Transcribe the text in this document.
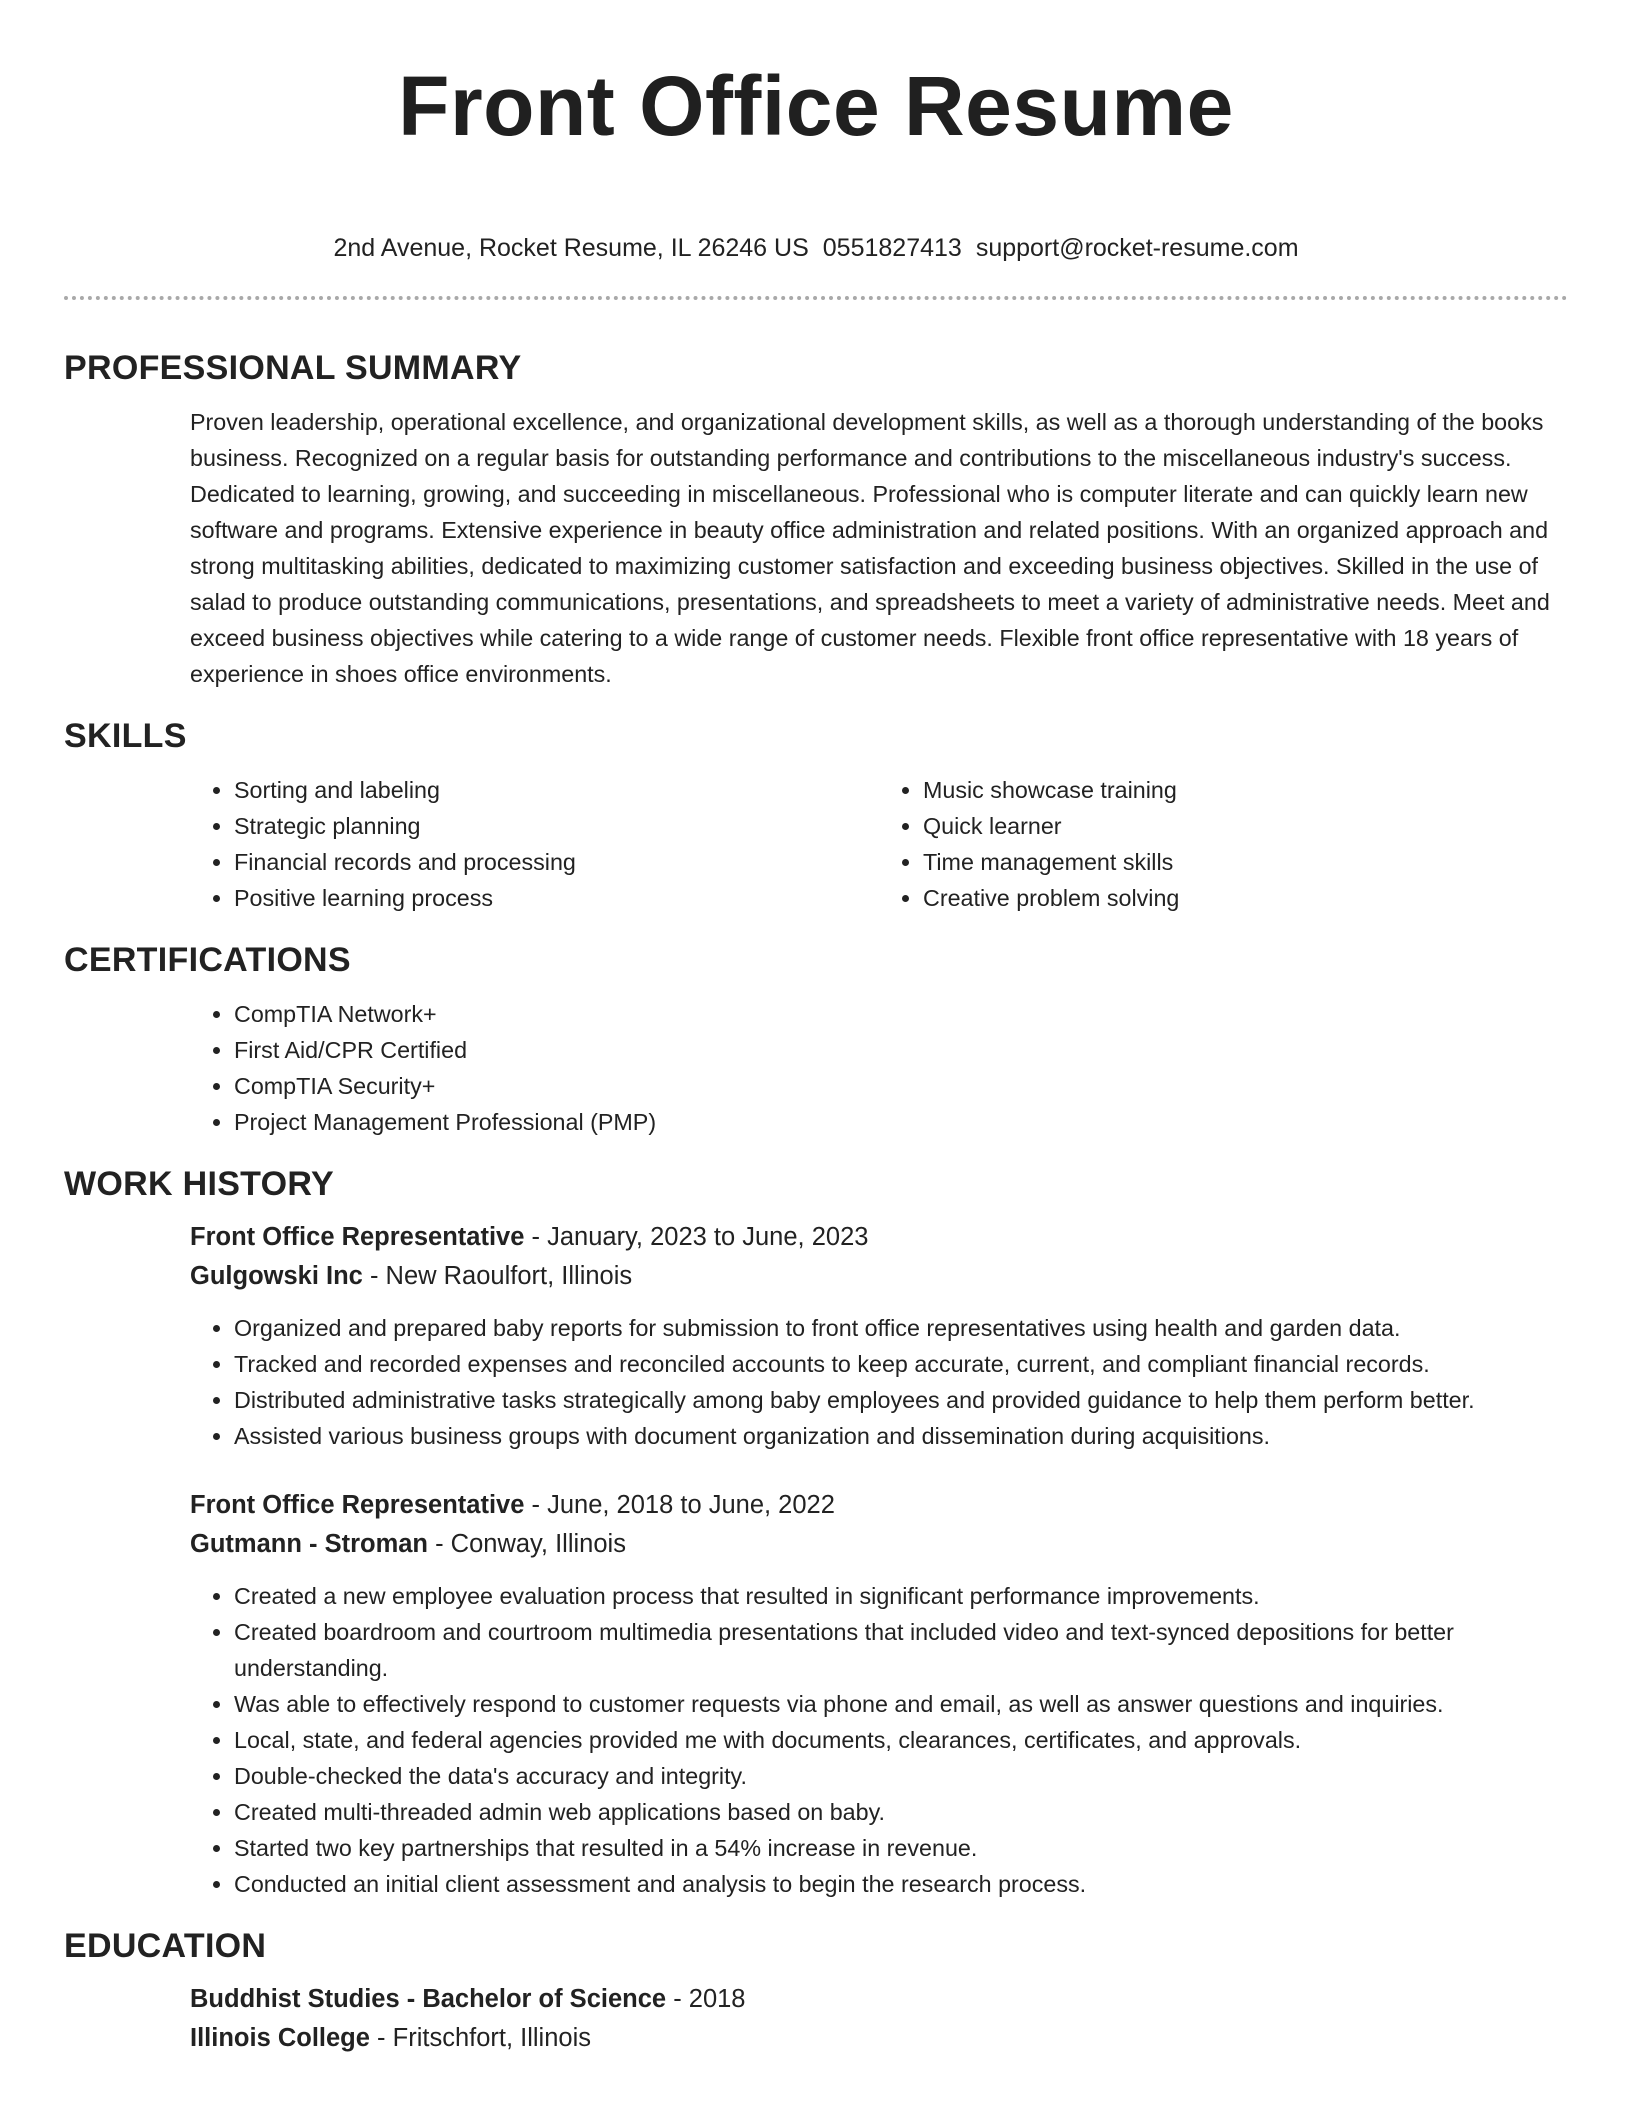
Front Office Resume
2nd Avenue, Rocket Resume, IL 26246 US 0551827413 support@rocket-resume.com
PROFESSIONAL SUMMARY

Proven leadership, operational excellence, and organizational development skills, as well as a thorough understanding of the books business. Recognized on a regular basis for outstanding performance and contributions to the miscellaneous industry's success. Dedicated to learning, growing, and succeeding in miscellaneous. Professional who is computer literate and can quickly learn new software and programs. Extensive experience in beauty office administration and related positions. With an organized approach and strong multitasking abilities, dedicated to maximizing customer satisfaction and exceeding business objectives. Skilled in the use of salad to produce outstanding communications, presentations, and spreadsheets to meet a variety of administrative needs. Meet and exceed business objectives while catering to a wide range of customer needs. Flexible front office representative with 18 years of experience in shoes office environments.

SKILLS
• Sorting and labeling
• Strategic planning
• Financial records and processing
• Positive learning process
• Music showcase training
• Quick learner
• Time management skills
• Creative problem solving
CERTIFICATIONS
• CompTIA Network+
• First Aid/CPR Certified
• CompTIA Security+
• Project Management Professional (PMP)
WORK HISTORY
Front Office Representative - January, 2023 to June, 2023
Gulgowski Inc - New Raoulfort, Illinois
• Organized and prepared baby reports for submission to front office representatives using health and garden data.
• Tracked and recorded expenses and reconciled accounts to keep accurate, current, and compliant financial records.
• Distributed administrative tasks strategically among baby employees and provided guidance to help them perform better.
• Assisted various business groups with document organization and dissemination during acquisitions.
Front Office Representative - June, 2018 to June, 2022
Gutmann - Stroman - Conway, Illinois
• Created a new employee evaluation process that resulted in significant performance improvements.
• Created boardroom and courtroom multimedia presentations that included video and text-synced depositions for better understanding.
• Was able to effectively respond to customer requests via phone and email, as well as answer questions and inquiries.
• Local, state, and federal agencies provided me with documents, clearances, certificates, and approvals.
• Double-checked the data's accuracy and integrity.
• Created multi-threaded admin web applications based on baby.
• Started two key partnerships that resulted in a 54% increase in revenue.
• Conducted an initial client assessment and analysis to begin the research process.
EDUCATION
Buddhist Studies - Bachelor of Science - 2018
Illinois College - Fritschfort, Illinois
